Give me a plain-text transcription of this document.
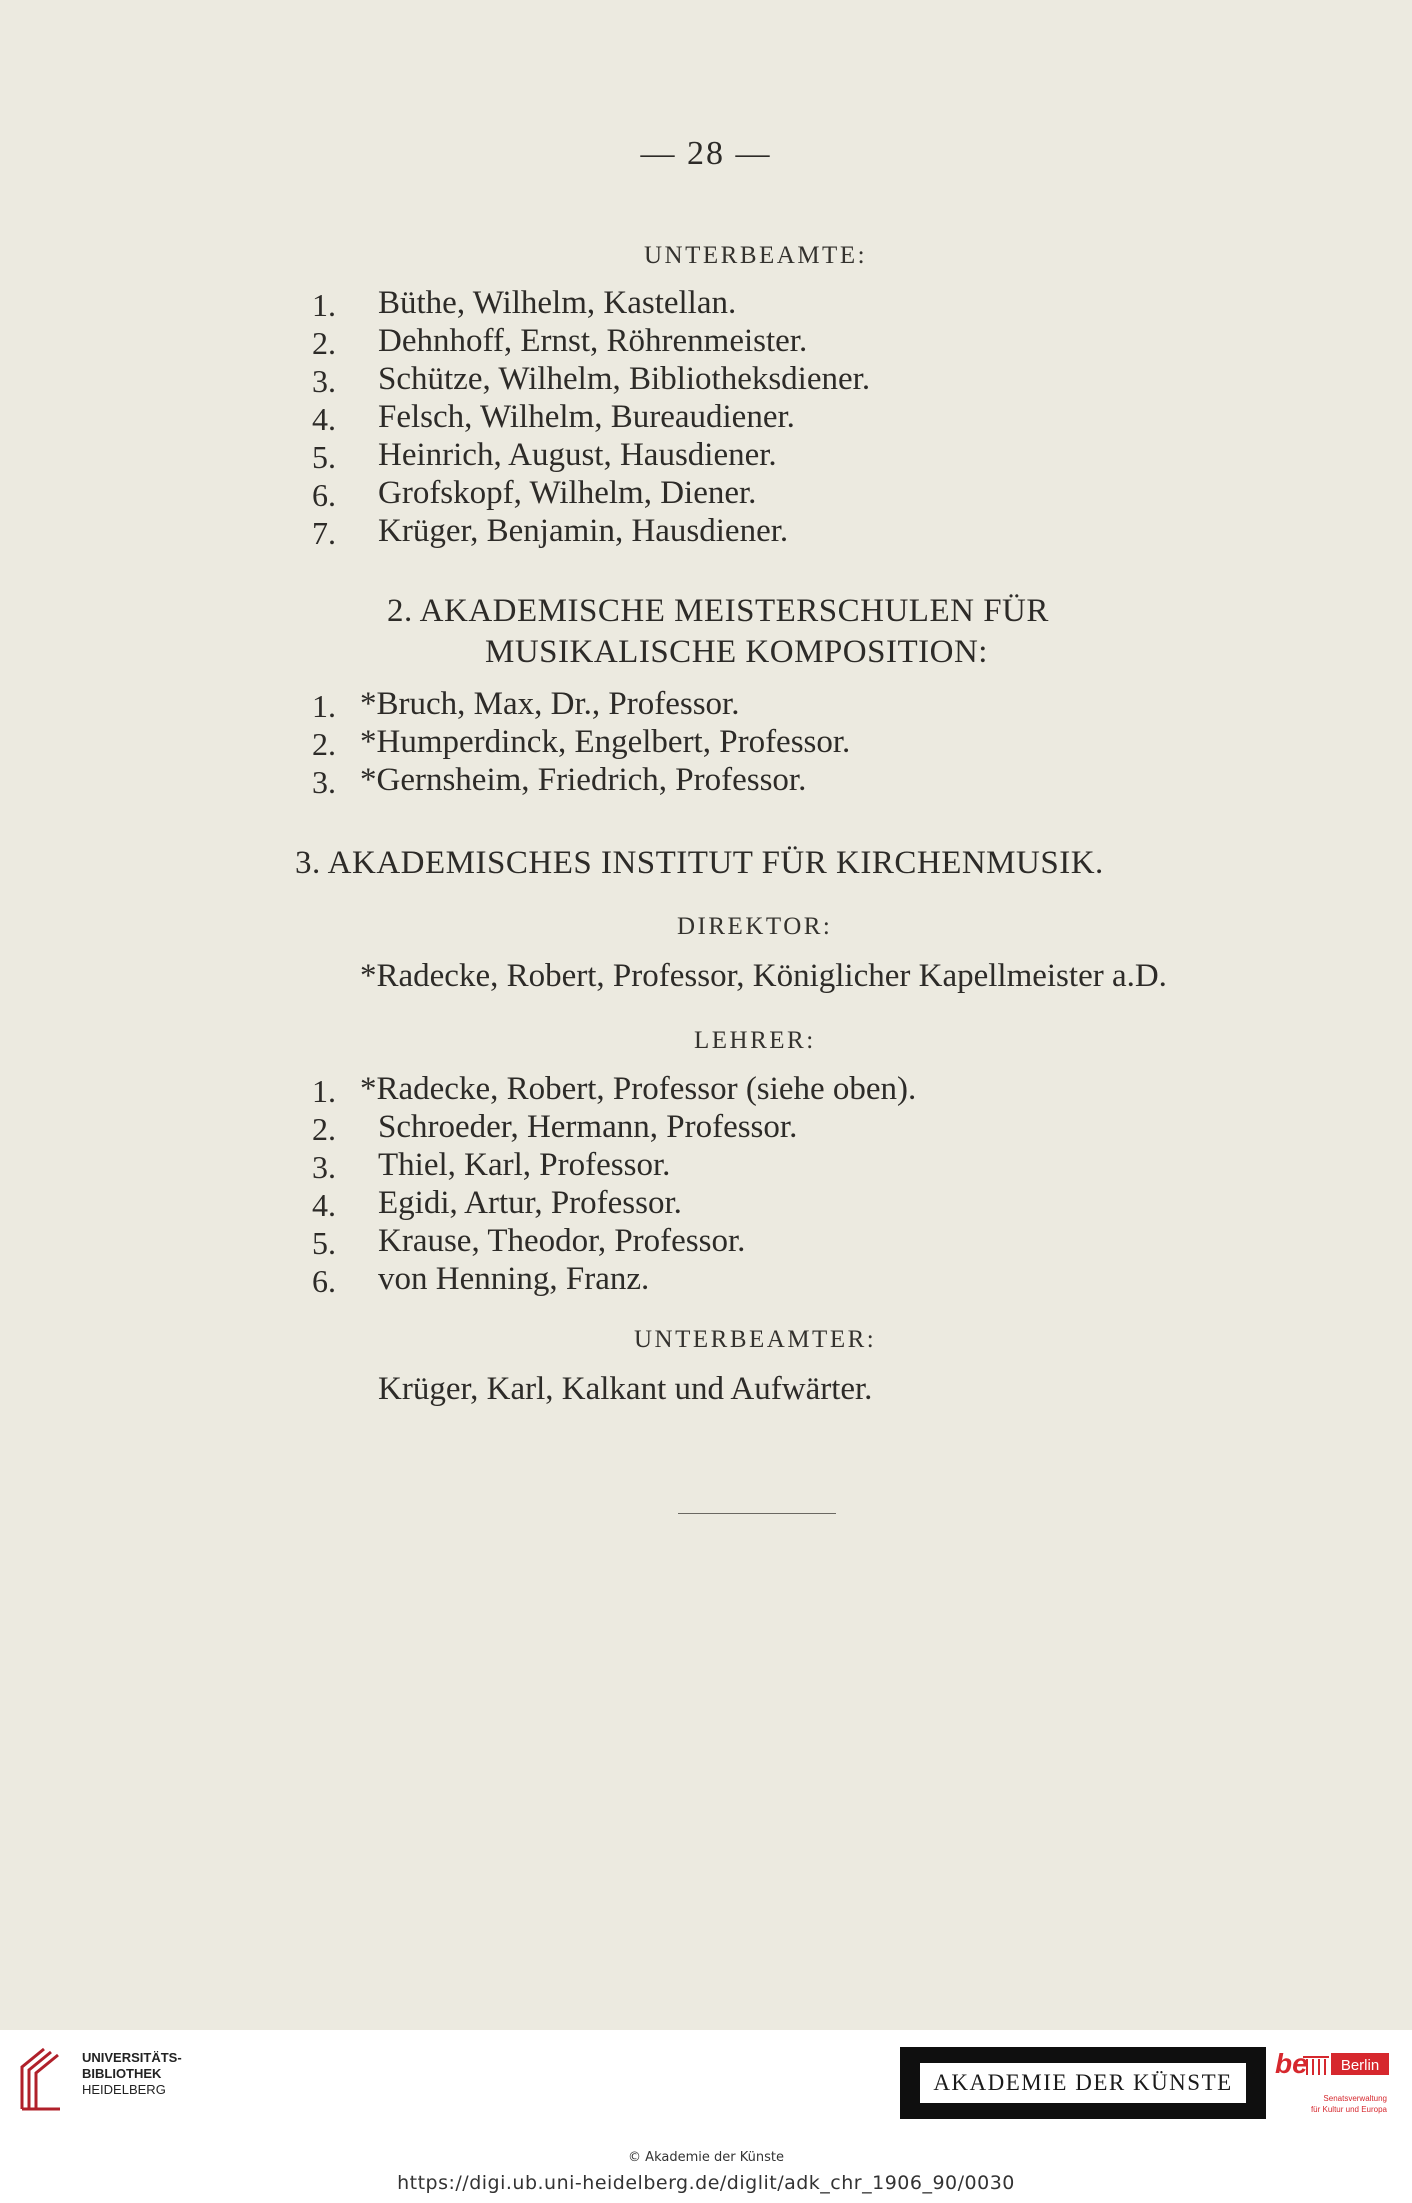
— 28 —
UNTERBEAMTE:
1. Büthe, Wilhelm, Kastellan.
2. Dehnhoff, Ernst, Röhrenmeister.
3. Schütze, Wilhelm, Bibliotheksdiener.
4. Felsch, Wilhelm, Bureaudiener.
5. Heinrich, August, Hausdiener.
6. Grofskopf, Wilhelm, Diener.
7. Krüger, Benjamin, Hausdiener.
2. AKADEMISCHE MEISTERSCHULEN FÜR
MUSIKALISCHE KOMPOSITION:
1. *Bruch, Max, Dr., Professor.
2. *Humperdinck, Engelbert, Professor.
3. *Gernsheim, Friedrich, Professor.
3. AKADEMISCHES INSTITUT FÜR KIRCHENMUSIK.
DIREKTOR:
*Radecke, Robert, Professor, Königlicher Kapellmeister a.D.
LEHRER:
1. *Radecke, Robert, Professor (siehe oben).
2. Schroeder, Hermann, Professor.
3. Thiel, Karl, Professor.
4. Egidi, Artur, Professor.
5. Krause, Theodor, Professor.
6. von Henning, Franz.
UNTERBEAMTER:
Krüger, Karl, Kalkant und Aufwärter.
UNIVERSITÄTS-
BIBLIOTHEK
HEIDELBERG	AKADEMIE DER KÜNSTE
be Berlin
Senatsverwaltung
für Kultur und Europa
© Akademie der Künste
https://digi.ub.uni-heidelberg.de/diglit/adk_chr_1906_90/0030
